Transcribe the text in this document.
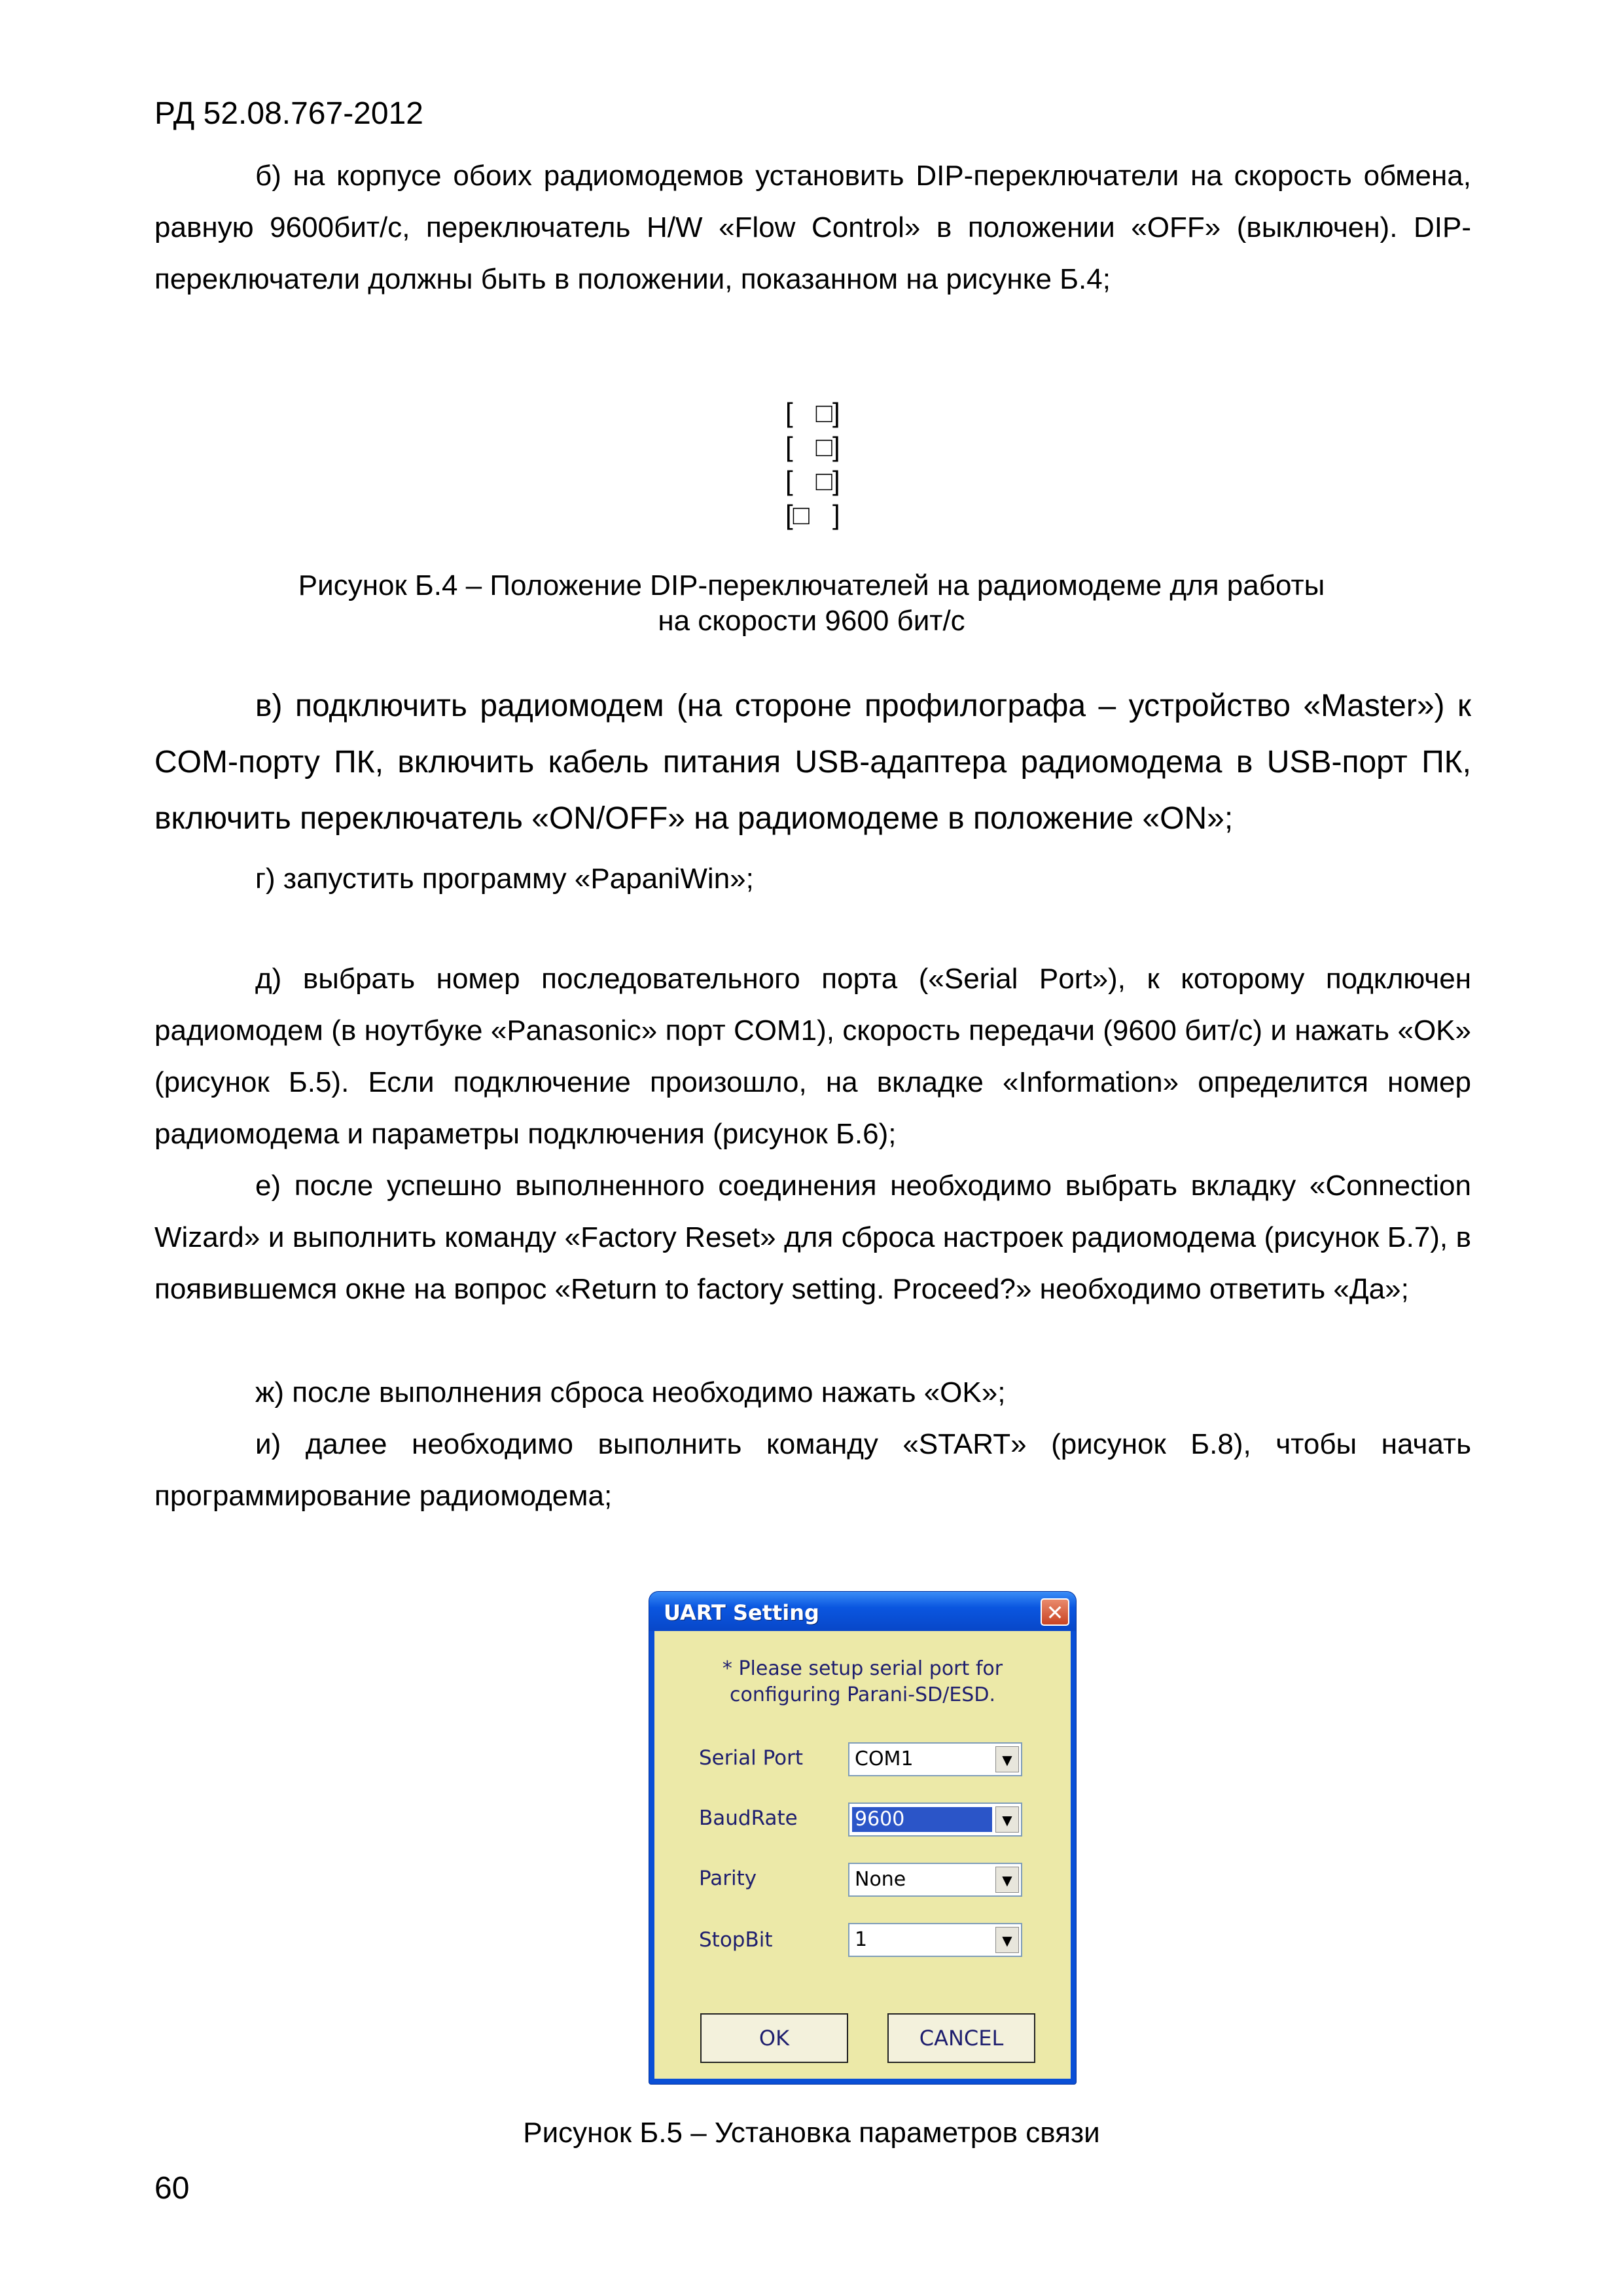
РД 52.08.767-2012

б) на корпусе обоих радиомодемов установить DIP-переключатели на скорость обмена, равную 9600бит/с, переключатель H/W «Flow Control» в положении «OFF» (выключен). DIP-переключатели должны быть в положении, показанном на рисунке Б.4;

[   □]
[   □]
[   □]
[□   ]
Рисунок Б.4 – Положение DIP-переключателей на радиомодеме для работы
на скорости 9600 бит/с

в) подключить радиомодем (на стороне профилографа – устройство «Master») к COM-порту ПК, включить кабель питания USB-адаптера радиомодема в USB-порт ПК, включить переключатель «ON/OFF» на радиомодеме в положение «ON»;

г) запустить программу «PapaniWin»;

д) выбрать номер последовательного порта («Serial Port»), к которому подключен радиомодем (в ноутбуке «Panasonic» порт COM1), скорость передачи (9600 бит/с) и нажать «OK» (рисунок Б.5). Если подключение произошло, на вкладке «Information» определится номер радиомодема и параметры подключения (рисунок Б.6);

е) после успешно выполненного соединения необходимо выбрать вкладку «Connection Wizard» и выполнить команду «Factory Reset» для сброса настроек радиомодема (рисунок Б.7), в появившемся окне на вопрос «Return to factory setting. Proceed?» необходимо ответить «Да»;

ж) после выполнения сброса необходимо нажать «OK»;

и) далее необходимо выполнить команду «START» (рисунок Б.8), чтобы начать программирование радиомодема;

UART Setting	✕
* Please setup serial port for
configuring Parani-SD/ESD.
Serial Port	COM1	▼
BaudRate	9600	▼
Parity	None	▼
StopBit	1	▼
OK	CANCEL
Рисунок Б.5 – Установка параметров связи
60
